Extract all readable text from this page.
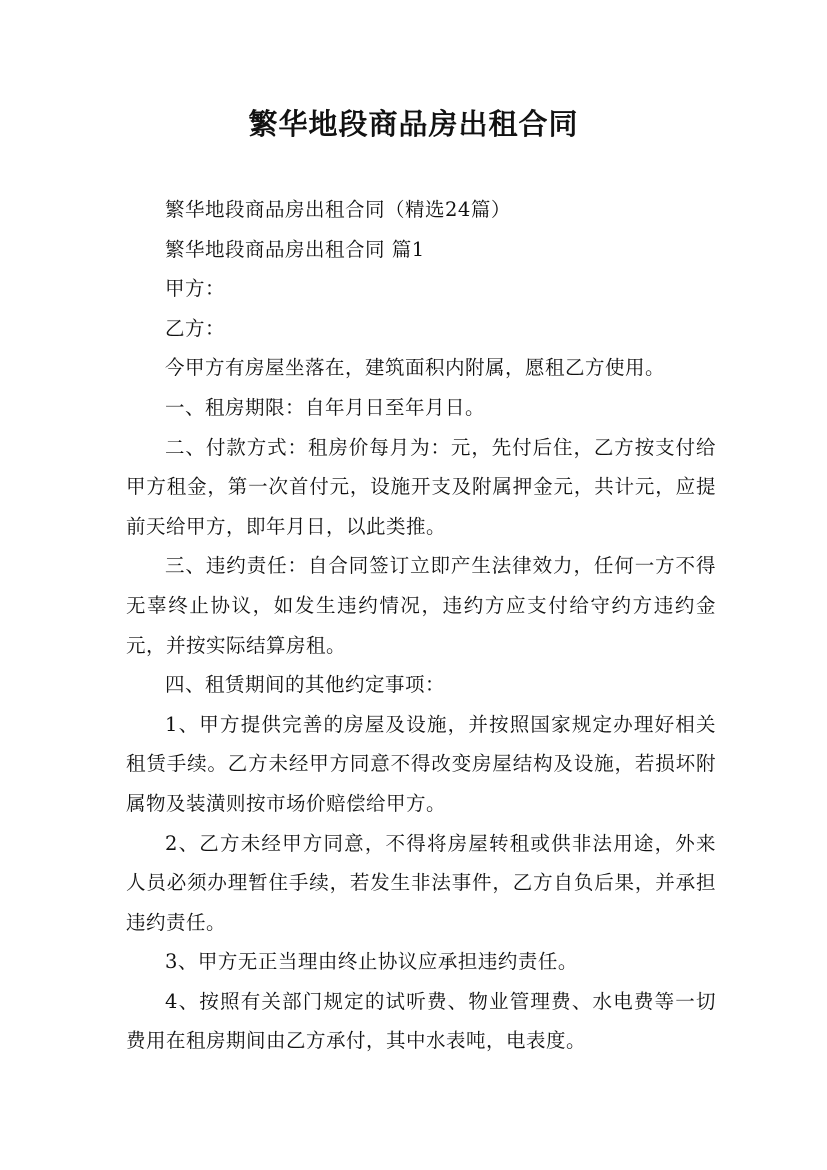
繁华地段商品房出租合同

繁华地段商品房出租合同（精选24篇）

繁华地段商品房出租合同 篇1

甲方：

乙方：

今甲方有房屋坐落在，建筑面积内附属，愿租乙方使用。

一、租房期限：自年月日至年月日。

二、付款方式：租房价每月为：元，先付后住，乙方按支付给甲方租金，第一次首付元，设施开支及附属押金元，共计元，应提前天给甲方，即年月日，以此类推。

三、违约责任：自合同签订立即产生法律效力，任何一方不得无辜终止协议，如发生违约情况，违约方应支付给守约方违约金元，并按实际结算房租。

四、租赁期间的其他约定事项：

1、甲方提供完善的房屋及设施，并按照国家规定办理好相关租赁手续。乙方未经甲方同意不得改变房屋结构及设施，若损坏附属物及装潢则按市场价赔偿给甲方。

2、乙方未经甲方同意，不得将房屋转租或供非法用途，外来人员必须办理暂住手续，若发生非法事件，乙方自负后果，并承担违约责任。

3、甲方无正当理由终止协议应承担违约责任。

4、按照有关部门规定的试听费、物业管理费、水电费等一切费用在租房期间由乙方承付，其中水表吨，电表度。
